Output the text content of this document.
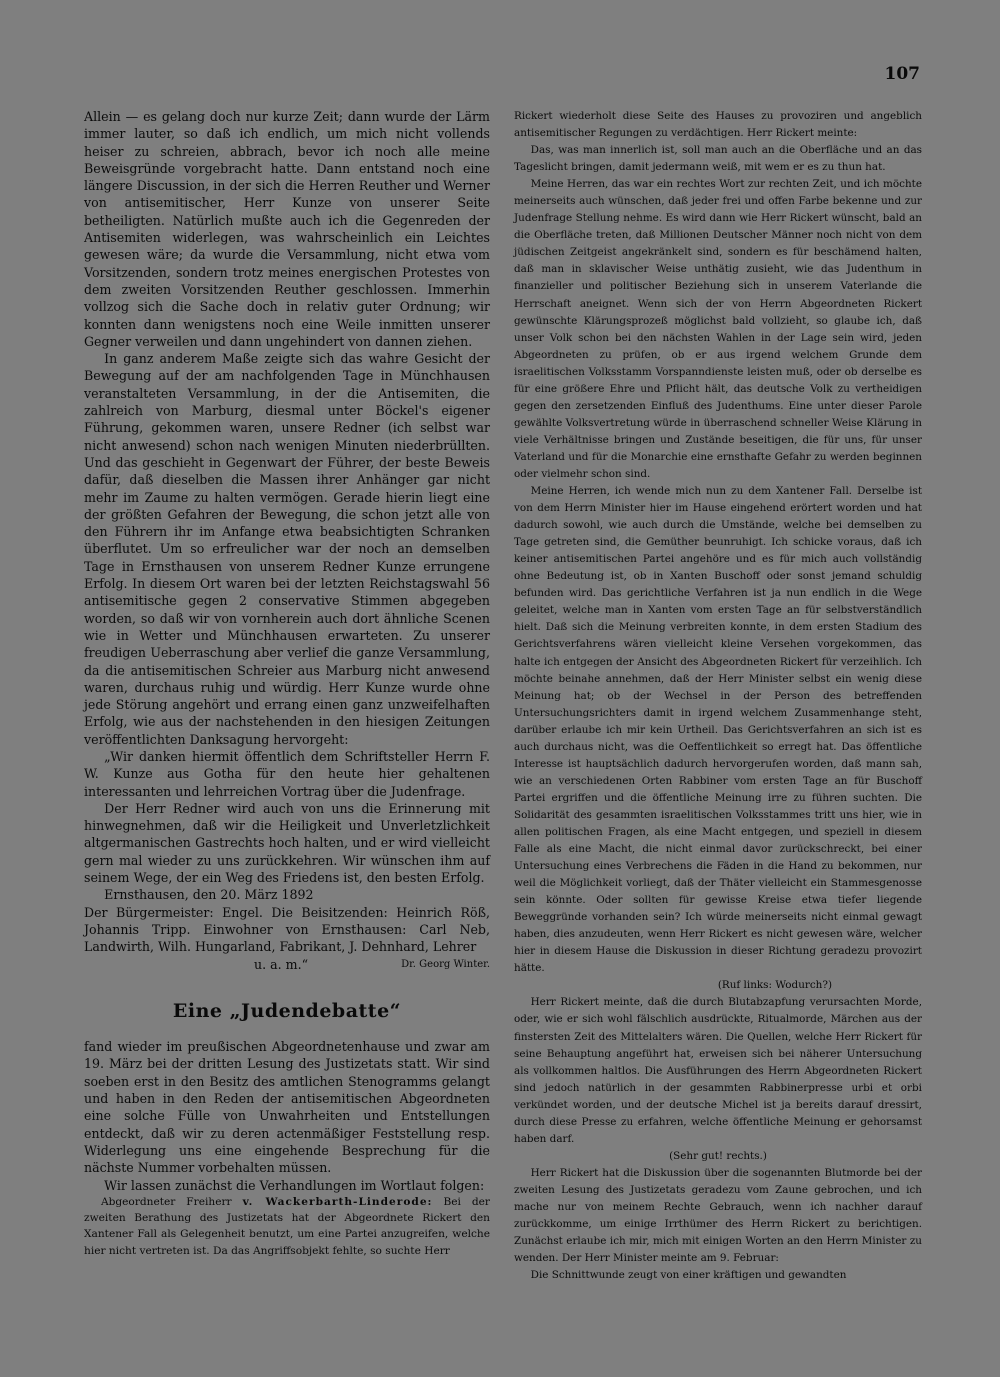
107

Allein — es gelang doch nur kurze Zeit; dann wurde der Lärm immer lauter, so daß ich endlich, um mich nicht vollends heiser zu schreien, abbrach, bevor ich noch alle meine Beweisgründe vorgebracht hatte. Dann entstand noch eine längere Discussion, in der sich die Herren Reuther und Werner von antisemitischer, Herr Kunze von unserer Seite betheiligten. Natürlich mußte auch ich die Gegenreden der Antisemiten widerlegen, was wahrscheinlich ein Leichtes gewesen wäre; da wurde die Versammlung, nicht etwa vom Vorsitzenden, sondern trotz meines energischen Protestes von dem zweiten Vorsitzenden Reuther geschlossen. Immerhin vollzog sich die Sache doch in relativ guter Ordnung; wir konnten dann wenigstens noch eine Weile inmitten unserer Gegner verweilen und dann ungehindert von dannen ziehen.

In ganz anderem Maße zeigte sich das wahre Gesicht der Bewegung auf der am nachfolgenden Tage in Münchhausen veranstalteten Versammlung, in der die Antisemiten, die zahlreich von Marburg, diesmal unter Böckel's eigener Führung, gekommen waren, unsere Redner (ich selbst war nicht anwesend) schon nach wenigen Minuten niederbrüllten. Und das geschieht in Gegenwart der Führer, der beste Beweis dafür, daß dieselben die Massen ihrer Anhänger gar nicht mehr im Zaume zu halten vermögen. Gerade hierin liegt eine der größten Gefahren der Bewegung, die schon jetzt alle von den Führern ihr im Anfange etwa beabsichtigten Schranken überflutet. Um so erfreulicher war der noch an demselben Tage in Ernsthausen von unserem Redner Kunze errungene Erfolg. In diesem Ort waren bei der letzten Reichstagswahl 56 antisemitische gegen 2 conservative Stimmen abgegeben worden, so daß wir von vornherein auch dort ähnliche Scenen wie in Wetter und Münchhausen erwarteten. Zu unserer freudigen Ueberraschung aber verlief die ganze Versammlung, da die antisemitischen Schreier aus Marburg nicht anwesend waren, durchaus ruhig und würdig. Herr Kunze wurde ohne jede Störung angehört und errang einen ganz unzweifelhaften Erfolg, wie aus der nachstehenden in den hiesigen Zeitungen veröffentlichten Danksagung hervorgeht:

„Wir danken hiermit öffentlich dem Schriftsteller Herrn F. W. Kunze aus Gotha für den heute hier gehaltenen interessanten und lehrreichen Vortrag über die Judenfrage.

Der Herr Redner wird auch von uns die Erinnerung mit hinwegnehmen, daß wir die Heiligkeit und Unverletzlichkeit altgermanischen Gastrechts hoch halten, und er wird vielleicht gern mal wieder zu uns zurückkehren. Wir wünschen ihm auf seinem Wege, der ein Weg des Friedens ist, den besten Erfolg.

Ernsthausen, den 20. März 1892

Der Bürgermeister: Engel. Die Beisitzenden: Heinrich Röß, Johannis Tripp. Einwohner von Ernsthausen: Carl Neb, Landwirth, Wilh. Hungarland, Fabrikant, J. Dehnhard, Lehrer

u. a. m.“	Dr. Georg Winter.
Eine „Judendebatte“

fand wieder im preußischen Abgeordnetenhause und zwar am 19. März bei der dritten Lesung des Justizetats statt. Wir sind soeben erst in den Besitz des amtlichen Stenogramms gelangt und haben in den Reden der antisemitischen Abgeordneten eine solche Fülle von Unwahrheiten und Entstellungen entdeckt, daß wir zu deren actenmäßiger Feststellung resp. Widerlegung uns eine eingehende Besprechung für die nächste Nummer vorbehalten müssen.

Wir lassen zunächst die Verhandlungen im Wortlaut folgen:

Abgeordneter Freiherr v. Wackerbarth-Linderode: Bei der zweiten Berathung des Justizetats hat der Abgeordnete Rickert den Xantener Fall als Gelegenheit benutzt, um eine Partei anzugreifen, welche hier nicht vertreten ist. Da das Angriffsobjekt fehlte, so suchte Herr

Rickert wiederholt diese Seite des Hauses zu provoziren und angeblich antisemitischer Regungen zu verdächtigen. Herr Rickert meinte:

Das, was man innerlich ist, soll man auch an die Oberfläche und an das Tageslicht bringen, damit jedermann weiß, mit wem er es zu thun hat.

Meine Herren, das war ein rechtes Wort zur rechten Zeit, und ich möchte meinerseits auch wünschen, daß jeder frei und offen Farbe bekenne und zur Judenfrage Stellung nehme. Es wird dann wie Herr Rickert wünscht, bald an die Oberfläche treten, daß Millionen Deutscher Männer noch nicht von dem jüdischen Zeitgeist angekränkelt sind, sondern es für beschämend halten, daß man in sklavischer Weise unthätig zusieht, wie das Judenthum in finanzieller und politischer Beziehung sich in unserem Vaterlande die Herrschaft aneignet. Wenn sich der von Herrn Abgeordneten Rickert gewünschte Klärungsprozeß möglichst bald vollzieht, so glaube ich, daß unser Volk schon bei den nächsten Wahlen in der Lage sein wird, jeden Abgeordneten zu prüfen, ob er aus irgend welchem Grunde dem israelitischen Volksstamm Vorspanndienste leisten muß, oder ob derselbe es für eine größere Ehre und Pflicht hält, das deutsche Volk zu vertheidigen gegen den zersetzenden Einfluß des Judenthums. Eine unter dieser Parole gewählte Volksvertretung würde in überraschend schneller Weise Klärung in viele Verhältnisse bringen und Zustände beseitigen, die für uns, für unser Vaterland und für die Monarchie eine ernsthafte Gefahr zu werden beginnen oder vielmehr schon sind.

Meine Herren, ich wende mich nun zu dem Xantener Fall. Derselbe ist von dem Herrn Minister hier im Hause eingehend erörtert worden und hat dadurch sowohl, wie auch durch die Umstände, welche bei demselben zu Tage getreten sind, die Gemüther beunruhigt. Ich schicke voraus, daß ich keiner antisemitischen Partei angehöre und es für mich auch vollständig ohne Bedeutung ist, ob in Xanten Buschoff oder sonst jemand schuldig befunden wird. Das gerichtliche Verfahren ist ja nun endlich in die Wege geleitet, welche man in Xanten vom ersten Tage an für selbstverständlich hielt. Daß sich die Meinung verbreiten konnte, in dem ersten Stadium des Gerichtsverfahrens wären vielleicht kleine Versehen vorgekommen, das halte ich entgegen der Ansicht des Abgeordneten Rickert für verzeihlich. Ich möchte beinahe annehmen, daß der Herr Minister selbst ein wenig diese Meinung hat; ob der Wechsel in der Person des betreffenden Untersuchungsrichters damit in irgend welchem Zusammenhange steht, darüber erlaube ich mir kein Urtheil. Das Gerichtsverfahren an sich ist es auch durchaus nicht, was die Oeffentlichkeit so erregt hat. Das öffentliche Interesse ist hauptsächlich dadurch hervorgerufen worden, daß mann sah, wie an verschiedenen Orten Rabbiner vom ersten Tage an für Buschoff Partei ergriffen und die öffentliche Meinung irre zu führen suchten. Die Solidarität des gesammten israelitischen Volksstammes tritt uns hier, wie in allen politischen Fragen, als eine Macht entgegen, und speziell in diesem Falle als eine Macht, die nicht einmal davor zurückschreckt, bei einer Untersuchung eines Verbrechens die Fäden in die Hand zu bekommen, nur weil die Möglichkeit vorliegt, daß der Thäter vielleicht ein Stammesgenosse sein könnte. Oder sollten für gewisse Kreise etwa tiefer liegende Beweggründe vorhanden sein? Ich würde meinerseits nicht einmal gewagt haben, dies anzudeuten, wenn Herr Rickert es nicht gewesen wäre, welcher hier in diesem Hause die Diskussion in dieser Richtung geradezu provozirt hätte.

(Ruf links: Wodurch?)

Herr Rickert meinte, daß die durch Blutabzapfung verursachten Morde, oder, wie er sich wohl fälschlich ausdrückte, Ritualmorde, Märchen aus der finstersten Zeit des Mittelalters wären. Die Quellen, welche Herr Rickert für seine Behauptung angeführt hat, erweisen sich bei näherer Untersuchung als vollkommen haltlos. Die Ausführungen des Herrn Abgeordneten Rickert sind jedoch natürlich in der gesammten Rabbinerpresse urbi et orbi verkündet worden, und der deutsche Michel ist ja bereits darauf dressirt, durch diese Presse zu erfahren, welche öffentliche Meinung er gehorsamst haben darf.

(Sehr gut! rechts.)

Herr Rickert hat die Diskussion über die sogenannten Blutmorde bei der zweiten Lesung des Justizetats geradezu vom Zaune gebrochen, und ich mache nur von meinem Rechte Gebrauch, wenn ich nachher darauf zurückkomme, um einige Irrthümer des Herrn Rickert zu berichtigen. Zunächst erlaube ich mir, mich mit einigen Worten an den Herrn Minister zu wenden. Der Herr Minister meinte am 9. Februar:

Die Schnittwunde zeugt von einer kräftigen und gewandten
